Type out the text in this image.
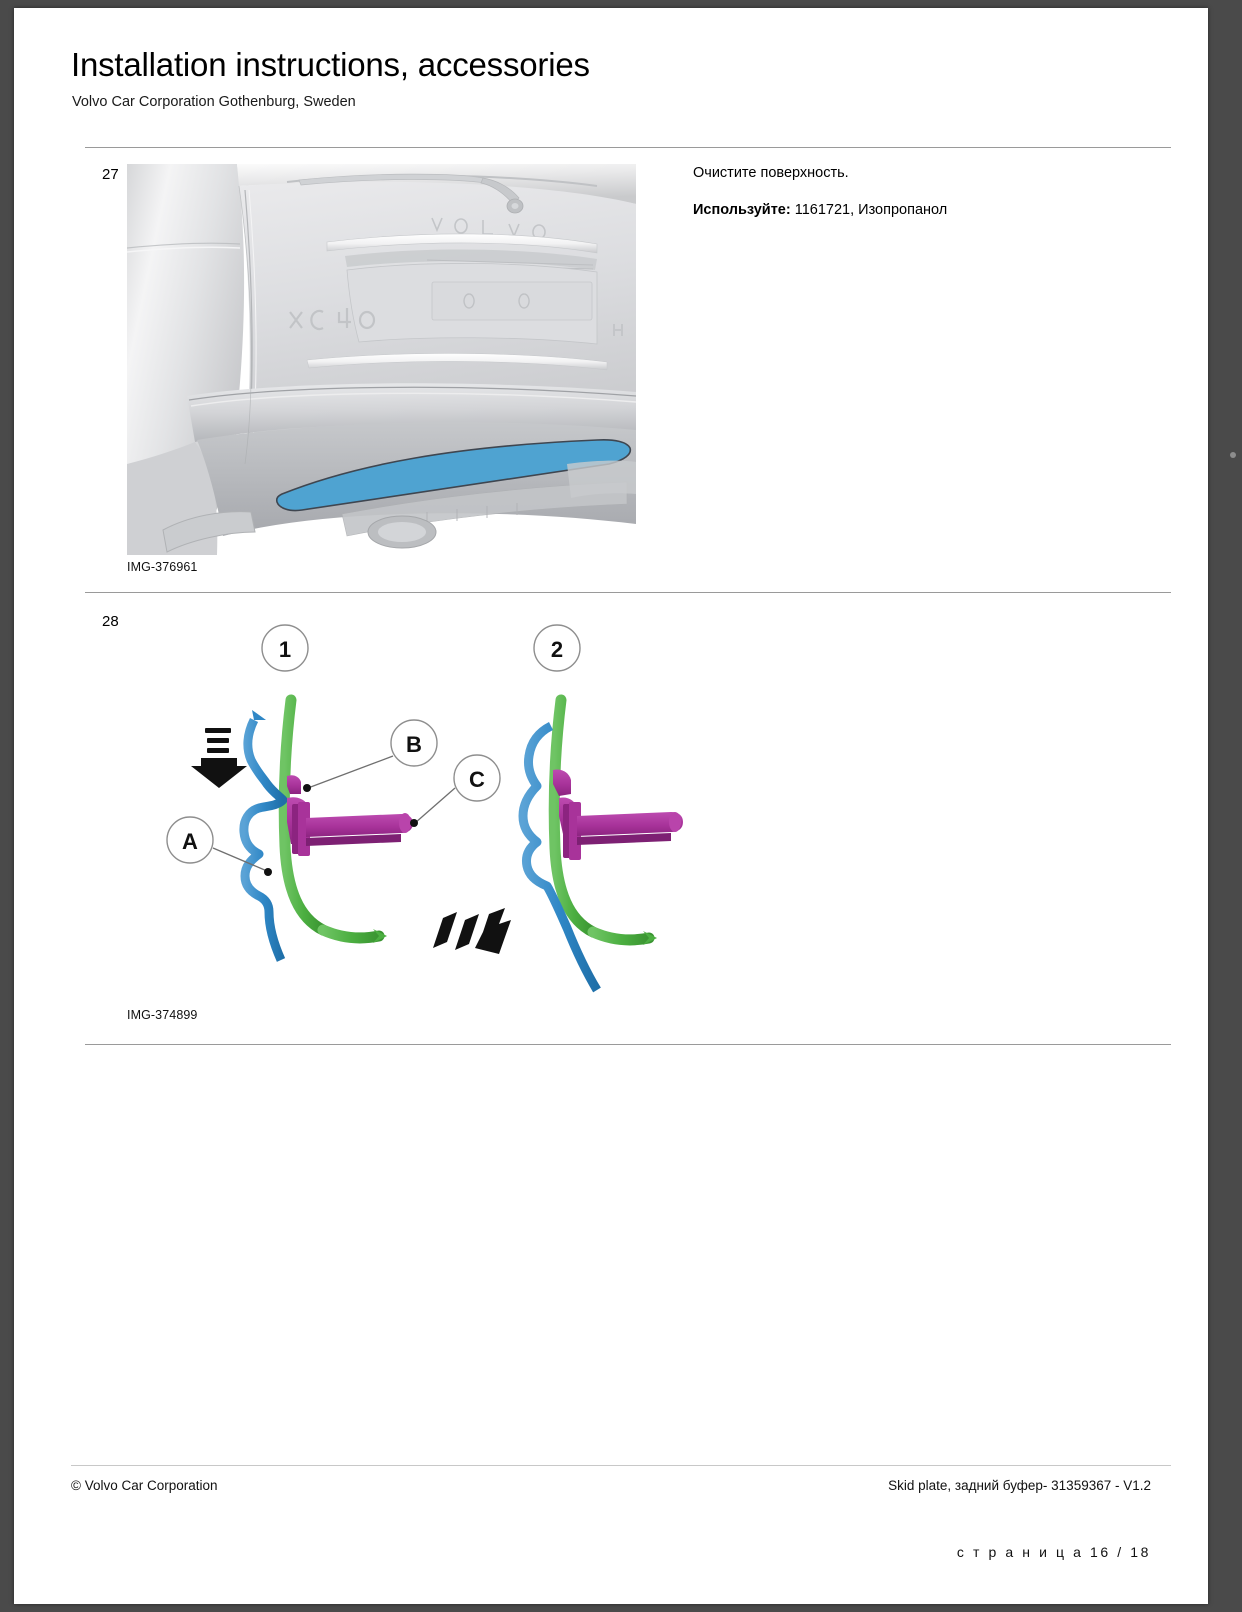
Installation instructions, accessories
Volvo Car Corporation Gothenburg, Sweden
27
IMG-376961
Очистите поверхность.
Используйте: 1161721, Изопропанол
28
1
B
C
A
2
IMG-374899
© Volvo Car Corporation	Skid plate, задний буфер- 31359367 - V1.2
с т р а н и ц а 16 / 18
